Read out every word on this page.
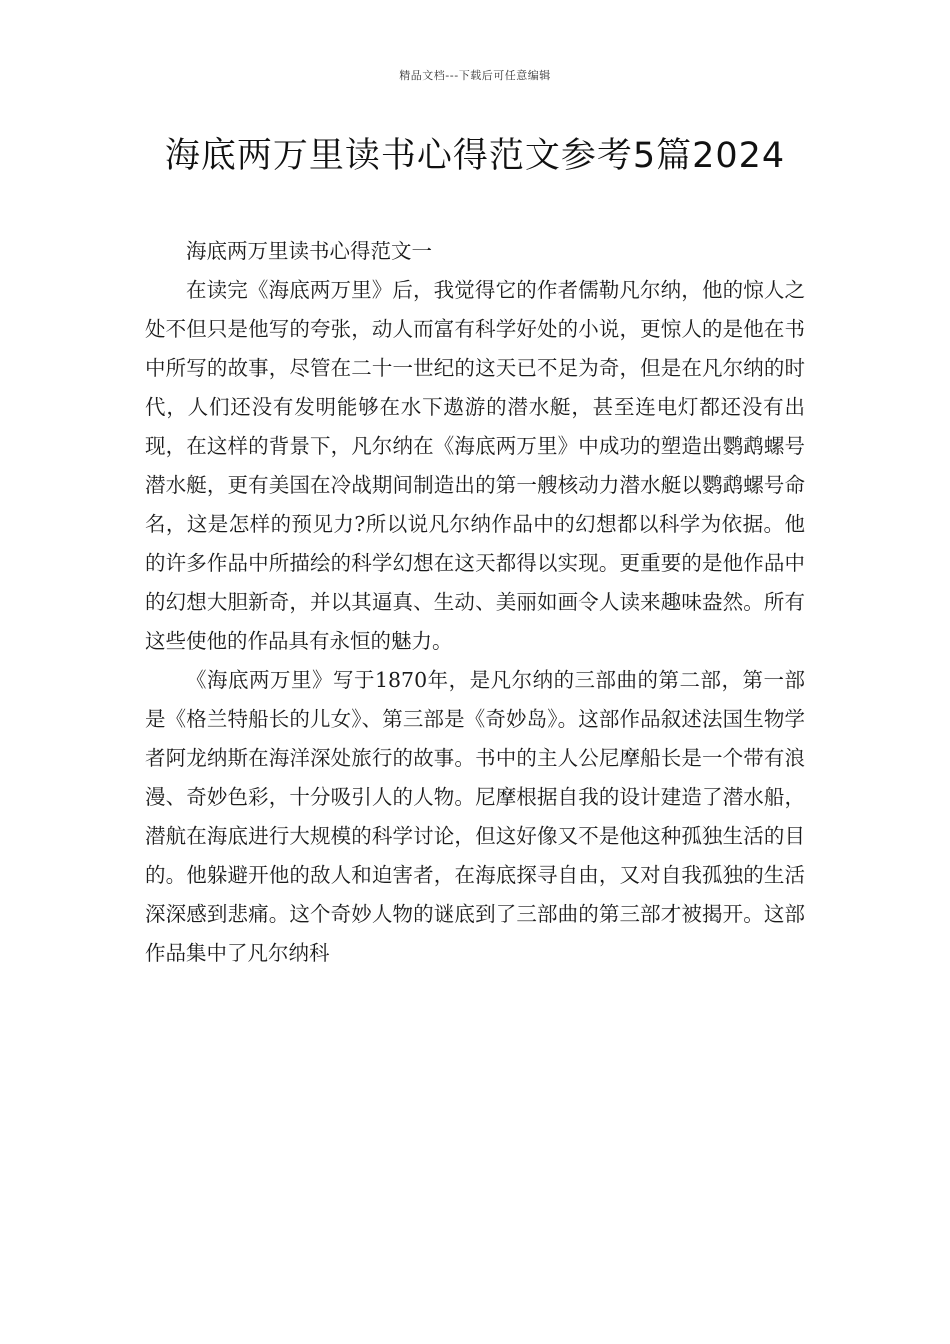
精品文档---下载后可任意编辑
海底两万里读书心得范文参考5篇2024

海底两万里读书心得范文一

在读完《海底两万里》后，我觉得它的作者儒勒凡尔纳，他的惊人之处不但只是他写的夸张，动人而富有科学好处的小说，更惊人的是他在书中所写的故事，尽管在二十一世纪的这天已不足为奇，但是在凡尔纳的时代，人们还没有发明能够在水下遨游的潜水艇，甚至连电灯都还没有出现，在这样的背景下，凡尔纳在《海底两万里》中成功的塑造出鹦鹉螺号潜水艇，更有美国在冷战期间制造出的第一艘核动力潜水艇以鹦鹉螺号命名，这是怎样的预见力?所以说凡尔纳作品中的幻想都以科学为依据。他的许多作品中所描绘的科学幻想在这天都得以实现。更重要的是他作品中的幻想大胆新奇，并以其逼真、生动、美丽如画令人读来趣味盎然。所有这些使他的作品具有永恒的魅力。

《海底两万里》写于1870年，是凡尔纳的三部曲的第二部，第一部是《格兰特船长的儿女》、第三部是《奇妙岛》。这部作品叙述法国生物学者阿龙纳斯在海洋深处旅行的故事。书中的主人公尼摩船长是一个带有浪漫、奇妙色彩，十分吸引人的人物。尼摩根据自我的设计建造了潜水船，潜航在海底进行大规模的科学讨论，但这好像又不是他这种孤独生活的目的。他躲避开他的敌人和迫害者，在海底探寻自由，又对自我孤独的生活深深感到悲痛。这个奇妙人物的谜底到了三部曲的第三部才被揭开。这部作品集中了凡尔纳科
